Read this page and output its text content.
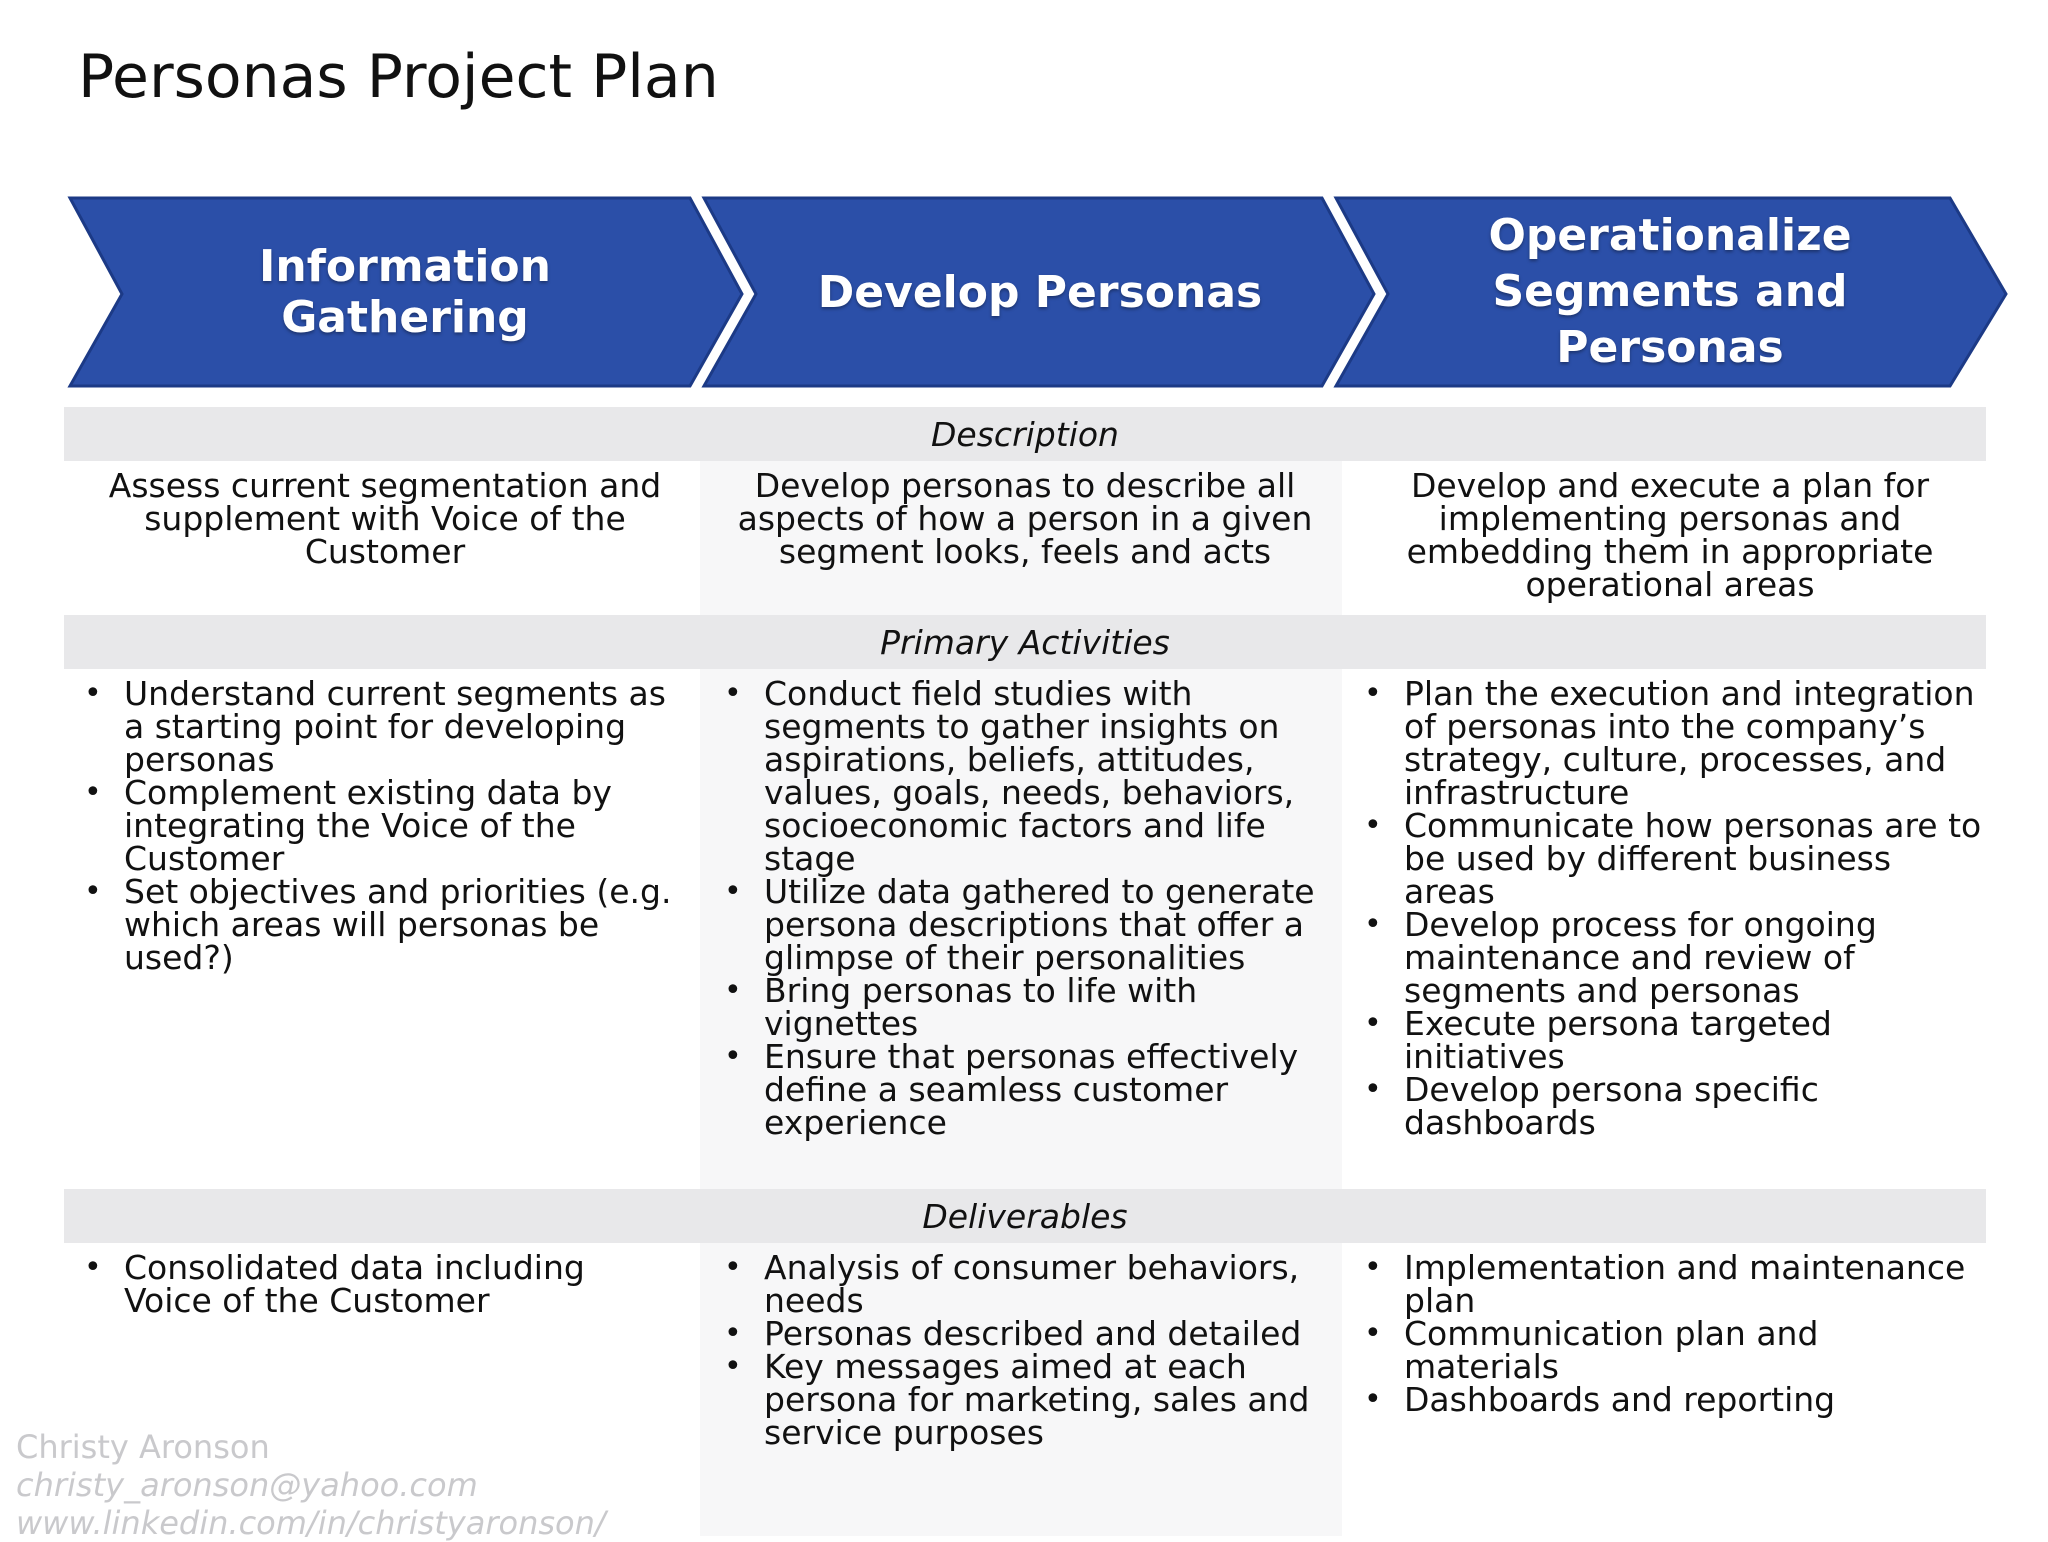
Personas Project Plan
Information Gathering	Develop Personas
Operationalize Segments and Personas
Description
Assess current segmentation and supplement with Voice of the Customer
Develop personas to describe all aspects of how a person in a given segment looks, feels and acts
Develop and execute a plan for implementing personas and embedding them in appropriate operational areas
Primary Activities
• Understand current segments as a starting point for developing personas
• Complement existing data by integrating the Voice of the Customer
• Set objectives and priorities (e.g. which areas will personas be used?)
• Conduct field studies with segments to gather insights on aspirations, beliefs, attitudes, values, goals, needs, behaviors, socioeconomic factors and life stage
• Utilize data gathered to generate persona descriptions that offer a glimpse of their personalities
• Bring personas to life with vignettes
• Ensure that personas effectively define a seamless customer experience
• Plan the execution and integration of personas into the company’s strategy, culture, processes, and infrastructure
• Communicate how personas are to be used by different business areas
• Develop process for ongoing maintenance and review of segments and personas
• Execute persona targeted initiatives
• Develop persona specific dashboards
Deliverables
• Consolidated data including Voice of the Customer
• Analysis of consumer behaviors, needs
• Personas described and detailed
• Key messages aimed at each persona for marketing, sales and service purposes
• Implementation and maintenance plan
• Communication plan and materials
• Dashboards and reporting
Christy Aronson
christy_aronson@yahoo.com
www.linkedin.com/in/christyaronson/
